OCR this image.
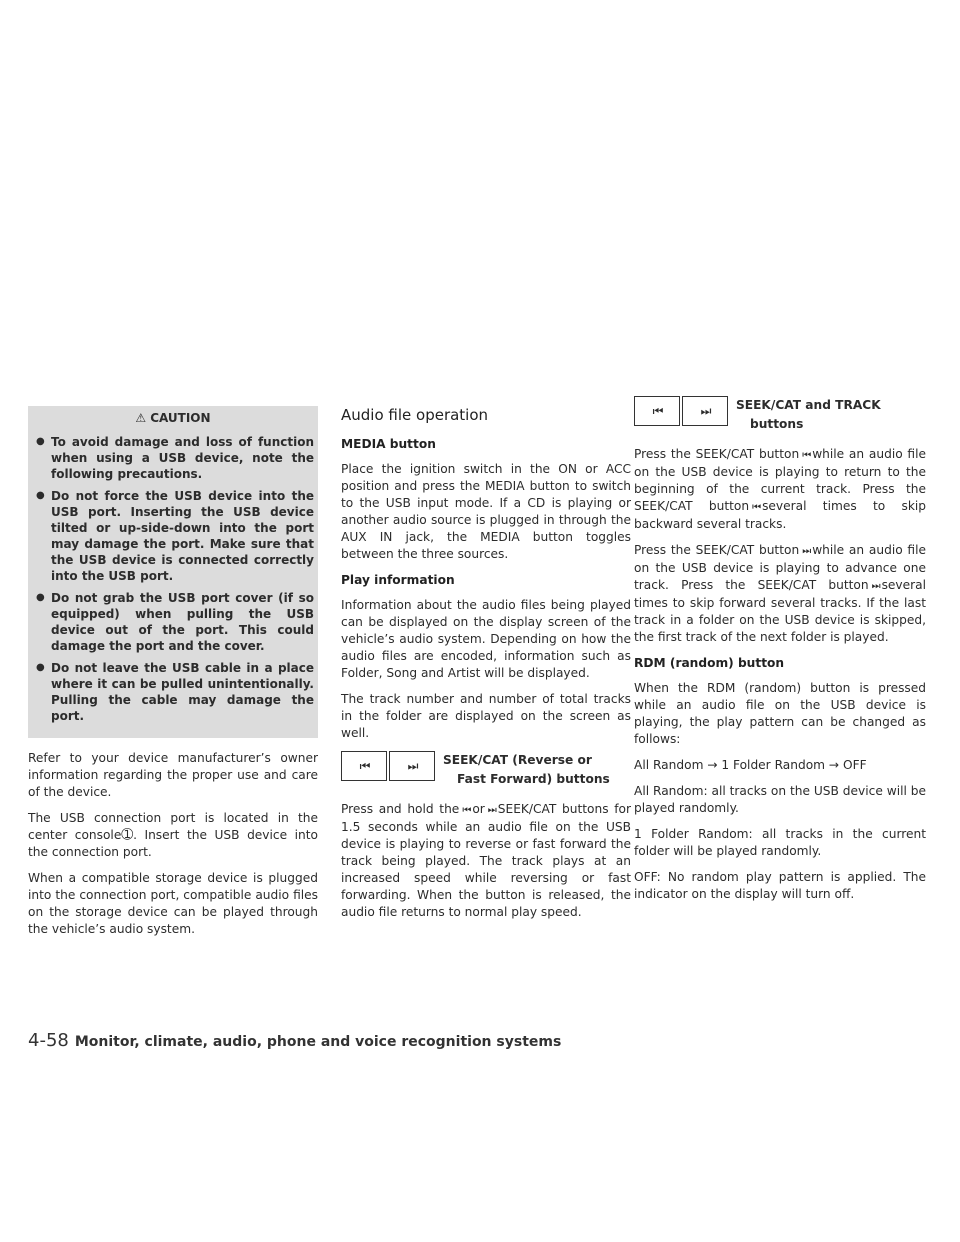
⚠ CAUTION
● To avoid damage and loss of function when using a USB device, note the following precautions.
● Do not force the USB device into the USB port. Inserting the USB device tilted or up-side-down into the port may damage the port. Make sure that the USB device is connected correctly into the USB port.
● Do not grab the USB port cover (if so equipped) when pulling the USB device out of the port. This could damage the port and the cover.
● Do not leave the USB cable in a place where it can be pulled unintentionally. Pulling the cable may damage the port.

Refer to your device manufacturer’s owner information regarding the proper use and care of the device.

The USB connection port is located in the center console➀. Insert the USB device into the connection port.

When a compatible storage device is plugged into the connection port, compatible audio files on the storage device can be played through the vehicle’s audio system.

Audio file operation
MEDIA button

Place the ignition switch in the ON or ACC position and press the MEDIA button to switch to the USB input mode. If a CD is playing or another audio source is plugged in through the AUX IN jack, the MEDIA button toggles between the three sources.

Play information

Information about the audio files being played can be displayed on the display screen of the vehicle’s audio system. Depending on how the audio files are encoded, information such as Folder, Song and Artist will be displayed.

The track number and number of total tracks in the folder are displayed on the screen as well.

⏮	⏭	SEEK/CAT (Reverse or
Fast Forward) buttons

Press and hold the ⏮ or ⏭ SEEK/CAT buttons for 1.5 seconds while an audio file on the USB device is playing to reverse or fast forward the track being played. The track plays at an increased speed while reversing or fast forwarding. When the button is released, the audio file returns to normal play speed.

⏮	⏭	SEEK/CAT and TRACK
buttons

Press the SEEK/CAT button ⏮ while an audio file on the USB device is playing to return to the beginning of the current track. Press the SEEK/CAT button ⏮ several times to skip backward several tracks.

Press the SEEK/CAT button ⏭ while an audio file on the USB device is playing to advance one track. Press the SEEK/CAT button ⏭ several times to skip forward several tracks. If the last track in a folder on the USB device is skipped, the first track of the next folder is played.

RDM (random) button

When the RDM (random) button is pressed while an audio file on the USB device is playing, the play pattern can be changed as follows:

All Random → 1 Folder Random → OFF

All Random: all tracks on the USB device will be played randomly.

1 Folder Random: all tracks in the current folder will be played randomly.

OFF: No random play pattern is applied. The indicator on the display will turn off.

4-58 Monitor, climate, audio, phone and voice recognition systems
